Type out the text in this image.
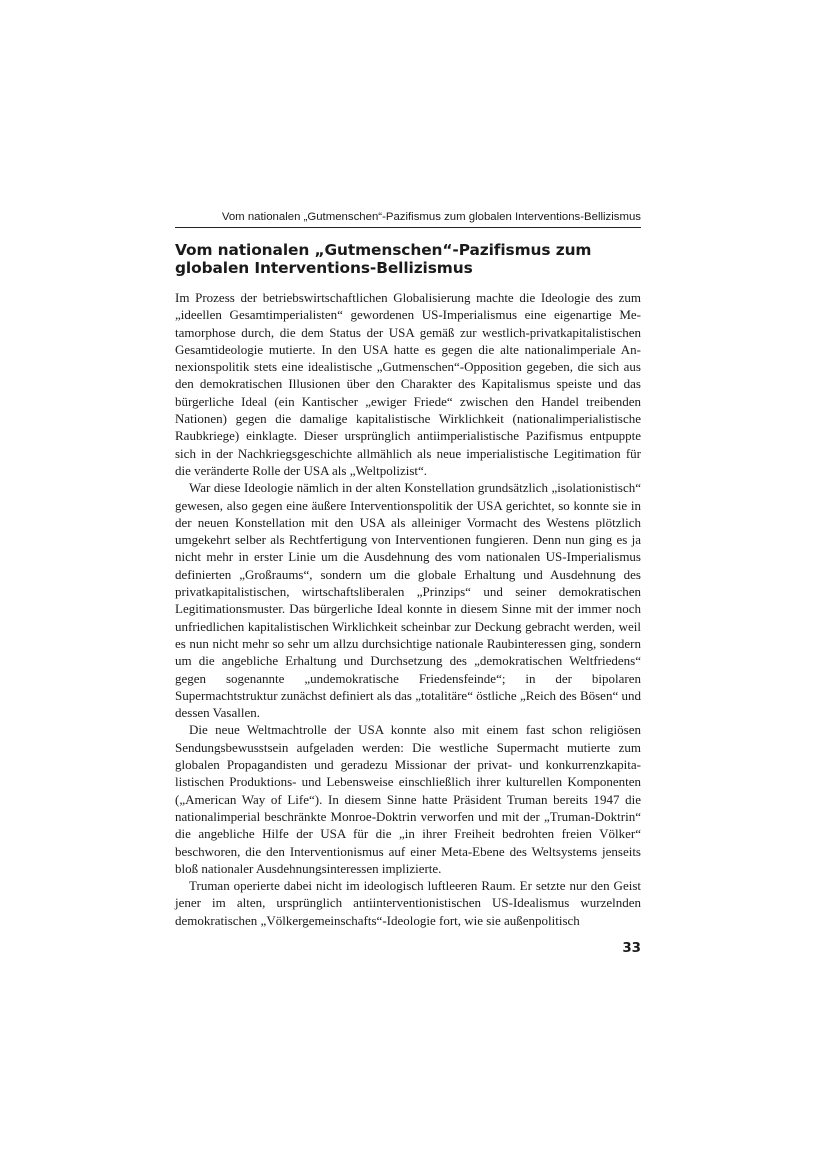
Vom nationalen „Gutmenschen“-Pazifismus zum globalen Interventions-Bellizismus
Vom nationalen „Gutmenschen“-Pazifismus zum globalen Interventions-Bellizismus

Im Prozess der betriebswirtschaftlichen Globalisierung machte die Ideologie des zum „ideellen Gesamtimperialisten“ gewordenen US-Imperialismus eine eigenartige Metamorphose durch, die dem Status der USA gemäß zur westlich-privatkapitalistischen Gesamtideologie mutierte. In den USA hatte es gegen die alte nationalimperiale Annexionspolitik stets eine idealistische „Gutmenschen“-Opposition gegeben, die sich aus den demokratischen Illusionen über den Charakter des Kapitalismus speiste und das bürgerliche Ideal (ein Kantischer „ewiger Friede“ zwischen den Handel treibenden Nationen) gegen die damalige kapitalistische Wirklichkeit (nationalimperialistische Raubkriege) einklagte. Dieser ursprünglich antiimperialistische Pazifismus entpuppte sich in der Nachkriegsgeschichte allmählich als neue imperialistische Legitimation für die veränderte Rolle der USA als „Weltpolizist“.

War diese Ideologie nämlich in der alten Konstellation grundsätzlich „isolationistisch“ gewesen, also gegen eine äußere Interventionspolitik der USA gerichtet, so konnte sie in der neuen Konstellation mit den USA als alleiniger Vormacht des Westens plötzlich umgekehrt selber als Rechtfertigung von Interventionen fungieren. Denn nun ging es ja nicht mehr in erster Linie um die Ausdehnung des vom nationalen US-Imperialismus definierten „Großraums“, sondern um die globale Erhaltung und Ausdehnung des privatkapitalistischen, wirtschaftsliberalen „Prinzips“ und seiner demokratischen Legitimationsmuster. Das bürgerliche Ideal konnte in diesem Sinne mit der immer noch unfriedlichen kapitalistischen Wirklichkeit scheinbar zur Deckung gebracht werden, weil es nun nicht mehr so sehr um allzu durchsichtige nationale Raubinteressen ging, sondern um die angebliche Erhaltung und Durchsetzung des „demokratischen Weltfriedens“ gegen sogenannte „undemokratische Friedensfeinde“; in der bipolaren Supermachtstruktur zunächst definiert als das „totalitäre“ östliche „Reich des Bösen“ und dessen Vasallen.

Die neue Weltmachtrolle der USA konnte also mit einem fast schon religiösen Sendungsbewusstsein aufgeladen werden: Die westliche Supermacht mutierte zum globalen Propagandisten und geradezu Missionar der privat- und konkurrenzkapitalistischen Produktions- und Lebensweise einschließlich ihrer kulturellen Komponenten („American Way of Life“). In diesem Sinne hatte Präsident Truman bereits 1947 die nationalimperial beschränkte Monroe-Doktrin verworfen und mit der „Truman-Doktrin“ die angebliche Hilfe der USA für die „in ihrer Freiheit bedrohten freien Völker“ beschworen, die den Interventionismus auf einer Meta-Ebene des Weltsystems jenseits bloß nationaler Ausdehnungsinteressen implizierte.

Truman operierte dabei nicht im ideologisch luftleeren Raum. Er setzte nur den Geist jener im alten, ursprünglich antiinterventionistischen US-Idealismus wurzelnden demokratischen „Völkergemeinschafts“-Ideologie fort, wie sie außenpolitisch

33
